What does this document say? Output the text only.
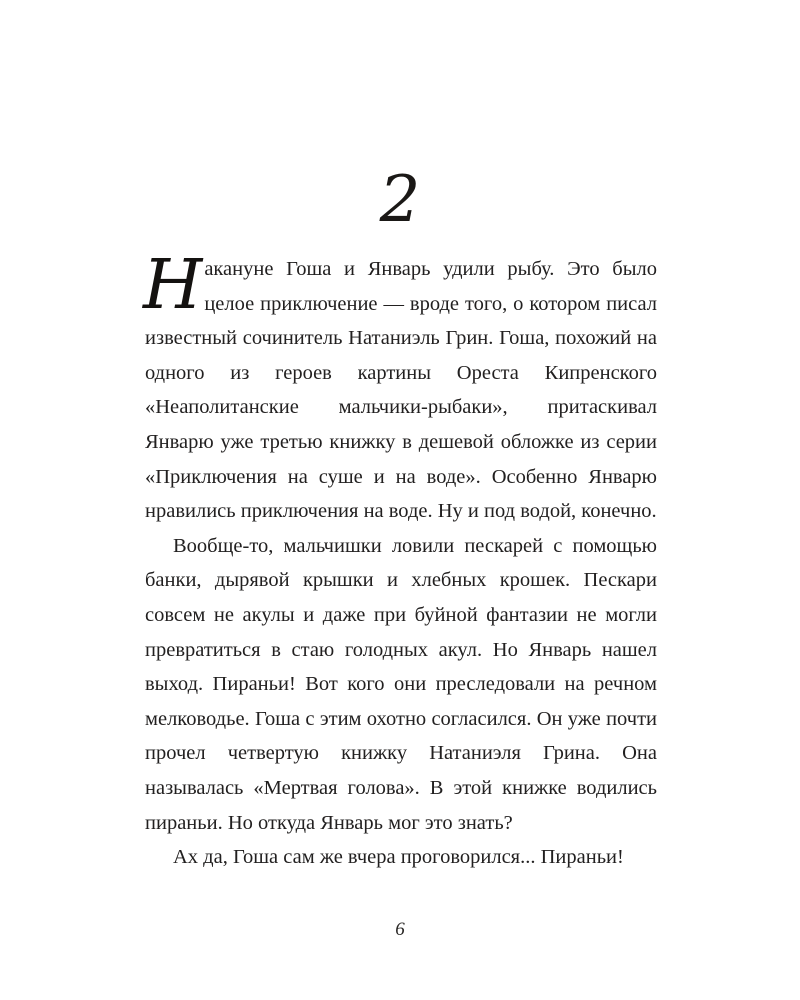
2

Накануне Гоша и Январь удили рыбу. Это было целое приключение — вроде того, о котором писал известный сочинитель Натаниэль Грин. Гоша, похожий на одного из героев картины Ореста Кипренского «Неаполитанские мальчики-рыбаки», притаскивал Январю уже третью книжку в дешевой обложке из серии «Приключения на суше и на воде». Особенно Январю нравились приключения на воде. Ну и под водой, конечно.

Вообще-то, мальчишки ловили пескарей с помощью банки, дырявой крышки и хлебных крошек. Пескари совсем не акулы и даже при буйной фантазии не могли превратиться в стаю голодных акул. Но Январь нашел выход. Пираньи! Вот кого они преследовали на речном мелководье. Гоша с этим охотно согласился. Он уже почти прочел четвертую книжку Натаниэля Грина. Она называлась «Мертвая голова». В этой книжке водились пираньи. Но откуда Январь мог это знать?

Ах да, Гоша сам же вчера проговорился... Пираньи!

6
